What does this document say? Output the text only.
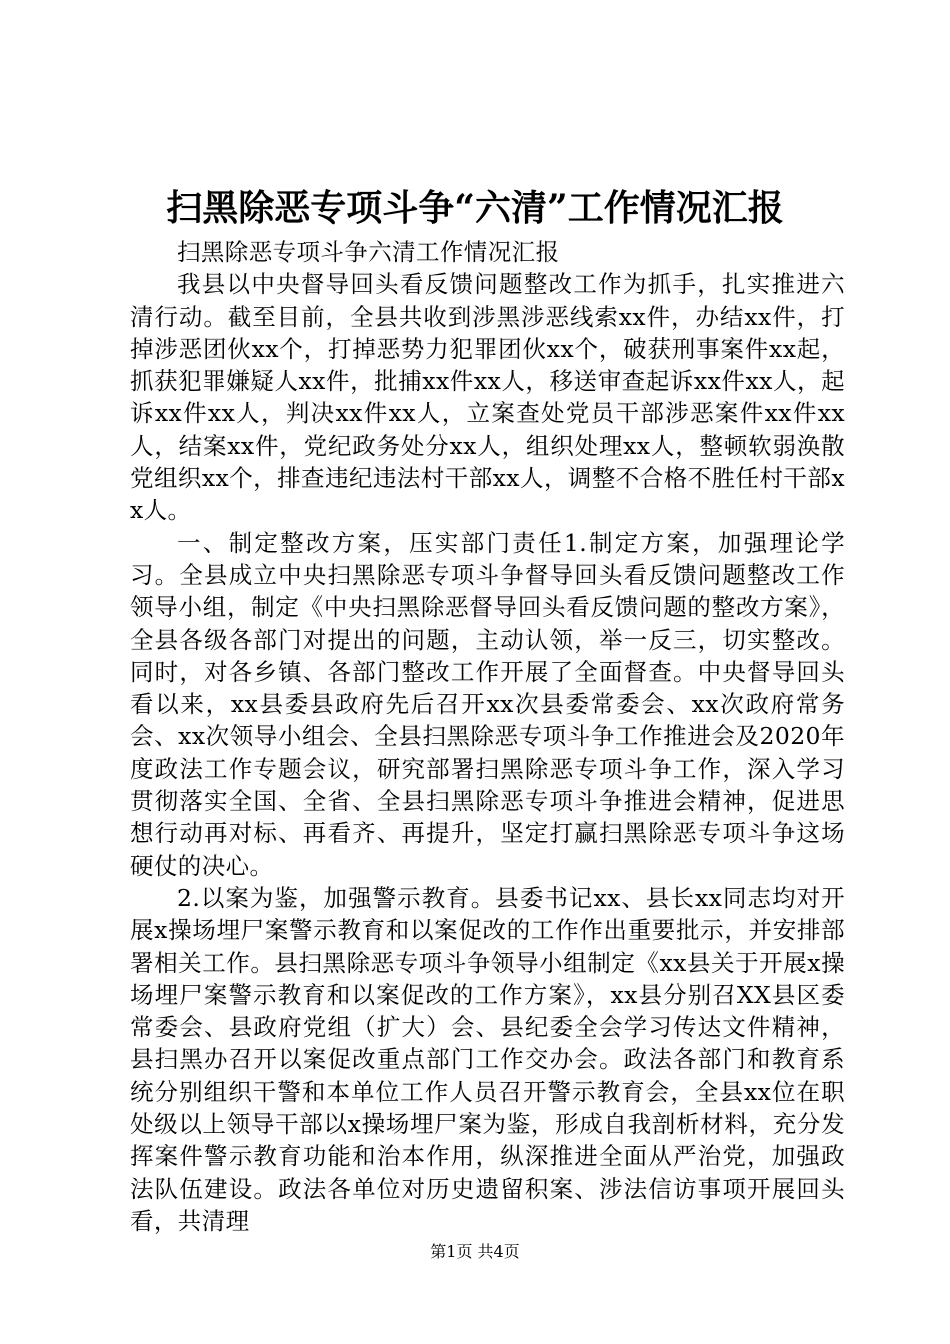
扫黑除恶专项斗争“六清”工作情况汇报

扫黑除恶专项斗争六清工作情况汇报

我县以中央督导回头看反馈问题整改工作为抓手，扎实推进六清行动。截至目前，全县共收到涉黑涉恶线索xx件，办结xx件，打掉涉恶团伙xx个，打掉恶势力犯罪团伙xx个，破获刑事案件xx起，抓获犯罪嫌疑人xx件，批捕xx件xx人，移送审查起诉xx件xx人，起诉xx件xx人，判决xx件xx人，立案查处党员干部涉恶案件xx件xx人，结案xx件，党纪政务处分xx人，组织处理xx人，整顿软弱涣散党组织xx个，排查违纪违法村干部xx人，调整不合格不胜任村干部xx人。

一、制定整改方案，压实部门责任1.制定方案，加强理论学习。全县成立中央扫黑除恶专项斗争督导回头看反馈问题整改工作领导小组，制定《中央扫黑除恶督导回头看反馈问题的整改方案》，全县各级各部门对提出的问题，主动认领，举一反三，切实整改。同时，对各乡镇、各部门整改工作开展了全面督查。中央督导回头看以来，xx县委县政府先后召开xx次县委常委会、xx次政府常务会、xx次领导小组会、全县扫黑除恶专项斗争工作推进会及2020年度政法工作专题会议，研究部署扫黑除恶专项斗争工作，深入学习贯彻落实全国、全省、全县扫黑除恶专项斗争推进会精神，促进思想行动再对标、再看齐、再提升，坚定打赢扫黑除恶专项斗争这场硬仗的决心。

2.以案为鉴，加强警示教育。县委书记xx、县长xx同志均对开展x操场埋尸案警示教育和以案促改的工作作出重要批示，并安排部署相关工作。县扫黑除恶专项斗争领导小组制定《xx县关于开展x操场埋尸案警示教育和以案促改的工作方案》，xx县分别召XX县区委常委会、县政府党组（扩大）会、县纪委全会学习传达文件精神，县扫黑办召开以案促改重点部门工作交办会。政法各部门和教育系统分别组织干警和本单位工作人员召开警示教育会，全县xx位在职处级以上领导干部以x操场埋尸案为鉴，形成自我剖析材料，充分发挥案件警示教育功能和治本作用，纵深推进全面从严治党，加强政法队伍建设。政法各单位对历史遗留积案、涉法信访事项开展回头看，共清理

第1页 共4页
